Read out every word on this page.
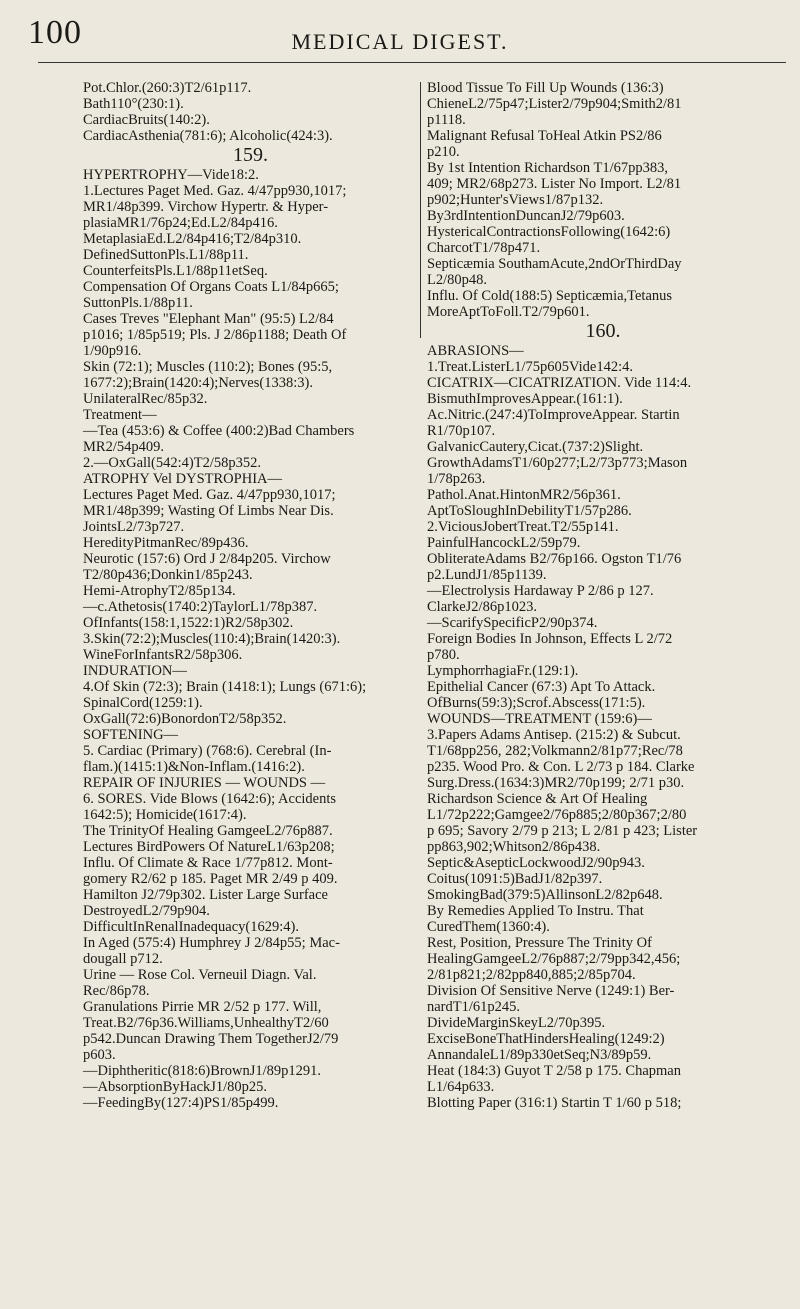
100	MEDICAL DIGEST.
Pot.Chlor.(260:3)T2/61p117.
Bath110°(230:1).
CardiacBruits(140:2).
CardiacAsthenia(781:6); Alcoholic(424:3).
159.
HYPERTROPHY—Vide18:2.
1.Lectures Paget Med. Gaz. 4/47pp930,1017;
MR1/48p399. Virchow Hypertr. & Hyper-
plasiaMR1/76p24;Ed.L2/84p416.
MetaplasiaEd.L2/84p416;T2/84p310.
DefinedSuttonPls.L1/88p11.
CounterfeitsPls.L1/88p11etSeq.
Compensation Of Organs Coats L1/84p665;
SuttonPls.1/88p11.
Cases Treves "Elephant Man" (95:5) L2/84
p1016; 1/85p519; Pls. J 2/86p1188; Death Of
1/90p916.
Skin (72:1); Muscles (110:2); Bones (95:5,
1677:2);Brain(1420:4);Nerves(1338:3).
UnilateralRec/85p32.
Treatment—
—Tea (453:6) & Coffee (400:2)Bad Chambers
MR2/54p409.
2.—OxGall(542:4)T2/58p352.
ATROPHY Vel DYSTROPHIA—
Lectures Paget Med. Gaz. 4/47pp930,1017;
MR1/48p399; Wasting Of Limbs Near Dis.
JointsL2/73p727.
HeredityPitmanRec/89p436.
Neurotic (157:6) Ord J 2/84p205. Virchow
T2/80p436;Donkin1/85p243.
Hemi-AtrophyT2/85p134.
—c.Athetosis(1740:2)TaylorL1/78p387.
OfInfants(158:1,1522:1)R2/58p302.
3.Skin(72:2);Muscles(110:4);Brain(1420:3).
WineForInfantsR2/58p306.
INDURATION—
4.Of Skin (72:3); Brain (1418:1); Lungs (671:6);
SpinalCord(1259:1).
OxGall(72:6)BonordonT2/58p352.
SOFTENING—
5. Cardiac (Primary) (768:6). Cerebral (In-
flam.)(1415:1)&Non-Inflam.(1416:2).
REPAIR OF INJURIES — WOUNDS —
6. SORES. Vide Blows (1642:6); Accidents
1642:5); Homicide(1617:4).
The TrinityOf Healing GamgeeL2/76p887.
Lectures BirdPowers Of NatureL1/63p208;
Influ. Of Climate & Race 1/77p812. Mont-
gomery R2/62 p 185. Paget MR 2/49 p 409.
Hamilton J2/79p302. Lister Large Surface
DestroyedL2/79p904.
DifficultInRenalInadequacy(1629:4).
In Aged (575:4) Humphrey J 2/84p55; Mac-
dougall p712.
Urine — Rose Col. Verneuil Diagn. Val.
Rec/86p78.
Granulations Pirrie MR 2/52 p 177. Will,
Treat.B2/76p36.Williams,UnhealthyT2/60
p542.Duncan Drawing Them TogetherJ2/79
p603.
—Diphtheritic(818:6)BrownJ1/89p1291.
—AbsorptionByHackJ1/80p25.
—FeedingBy(127:4)PS1/85p499.
Blood Tissue To Fill Up Wounds (136:3)
ChieneL2/75p47;Lister2/79p904;Smith2/81
p1118.
Malignant Refusal ToHeal Atkin PS2/86
p210.
By 1st Intention Richardson T1/67pp383,
409; MR2/68p273. Lister No Import. L2/81
p902;Hunter'sViews1/87p132.
By3rdIntentionDuncanJ2/79p603.
HystericalContractionsFollowing(1642:6)
CharcotT1/78p471.
Septicæmia SouthamAcute,2ndOrThirdDay
L2/80p48.
Influ. Of Cold(188:5) Septicæmia,Tetanus
MoreAptToFoll.T2/79p601.
160.
ABRASIONS—
1.Treat.ListerL1/75p605Vide142:4.
CICATRIX—CICATRIZATION. Vide 114:4.
BismuthImprovesAppear.(161:1).
Ac.Nitric.(247:4)ToImproveAppear. Startin
R1/70p107.
GalvanicCautery,Cicat.(737:2)Slight.
GrowthAdamsT1/60p277;L2/73p773;Mason
1/78p263.
Pathol.Anat.HintonMR2/56p361.
AptToSloughInDebilityT1/57p286.
2.ViciousJobertTreat.T2/55p141.
PainfulHancockL2/59p79.
ObliterateAdams B2/76p166. Ogston T1/76
p2.LundJ1/85p1139.
—Electrolysis Hardaway P 2/86 p 127.
ClarkeJ2/86p1023.
—ScarifySpecificP2/90p374.
Foreign Bodies In Johnson, Effects L 2/72
p780.
LymphorrhagiaFr.(129:1).
Epithelial Cancer (67:3) Apt To Attack.
OfBurns(59:3);Scrof.Abscess(171:5).
WOUNDS—TREATMENT (159:6)—
3.Papers Adams Antisep. (215:2) & Subcut.
T1/68pp256, 282;Volkmann2/81p77;Rec/78
p235. Wood Pro. & Con. L 2/73 p 184. Clarke
Surg.Dress.(1634:3)MR2/70p199; 2/71 p30.
Richardson Science & Art Of Healing
L1/72p222;Gamgee2/76p885;2/80p367;2/80
p 695; Savory 2/79 p 213; L 2/81 p 423; Lister
pp863,902;Whitson2/86p438.
Septic&AsepticLockwoodJ2/90p943.
Coitus(1091:5)BadJ1/82p397.
SmokingBad(379:5)AllinsonL2/82p648.
By Remedies Applied To Instru. That
CuredThem(1360:4).
Rest, Position, Pressure The Trinity Of
HealingGamgeeL2/76p887;2/79pp342,456;
2/81p821;2/82pp840,885;2/85p704.
Division Of Sensitive Nerve (1249:1) Ber-
nardT1/61p245.
DivideMarginSkeyL2/70p395.
ExciseBoneThatHindersHealing(1249:2)
AnnandaleL1/89p330etSeq;N3/89p59.
Heat (184:3) Guyot T 2/58 p 175. Chapman
L1/64p633.
Blotting Paper (316:1) Startin T 1/60 p 518;
